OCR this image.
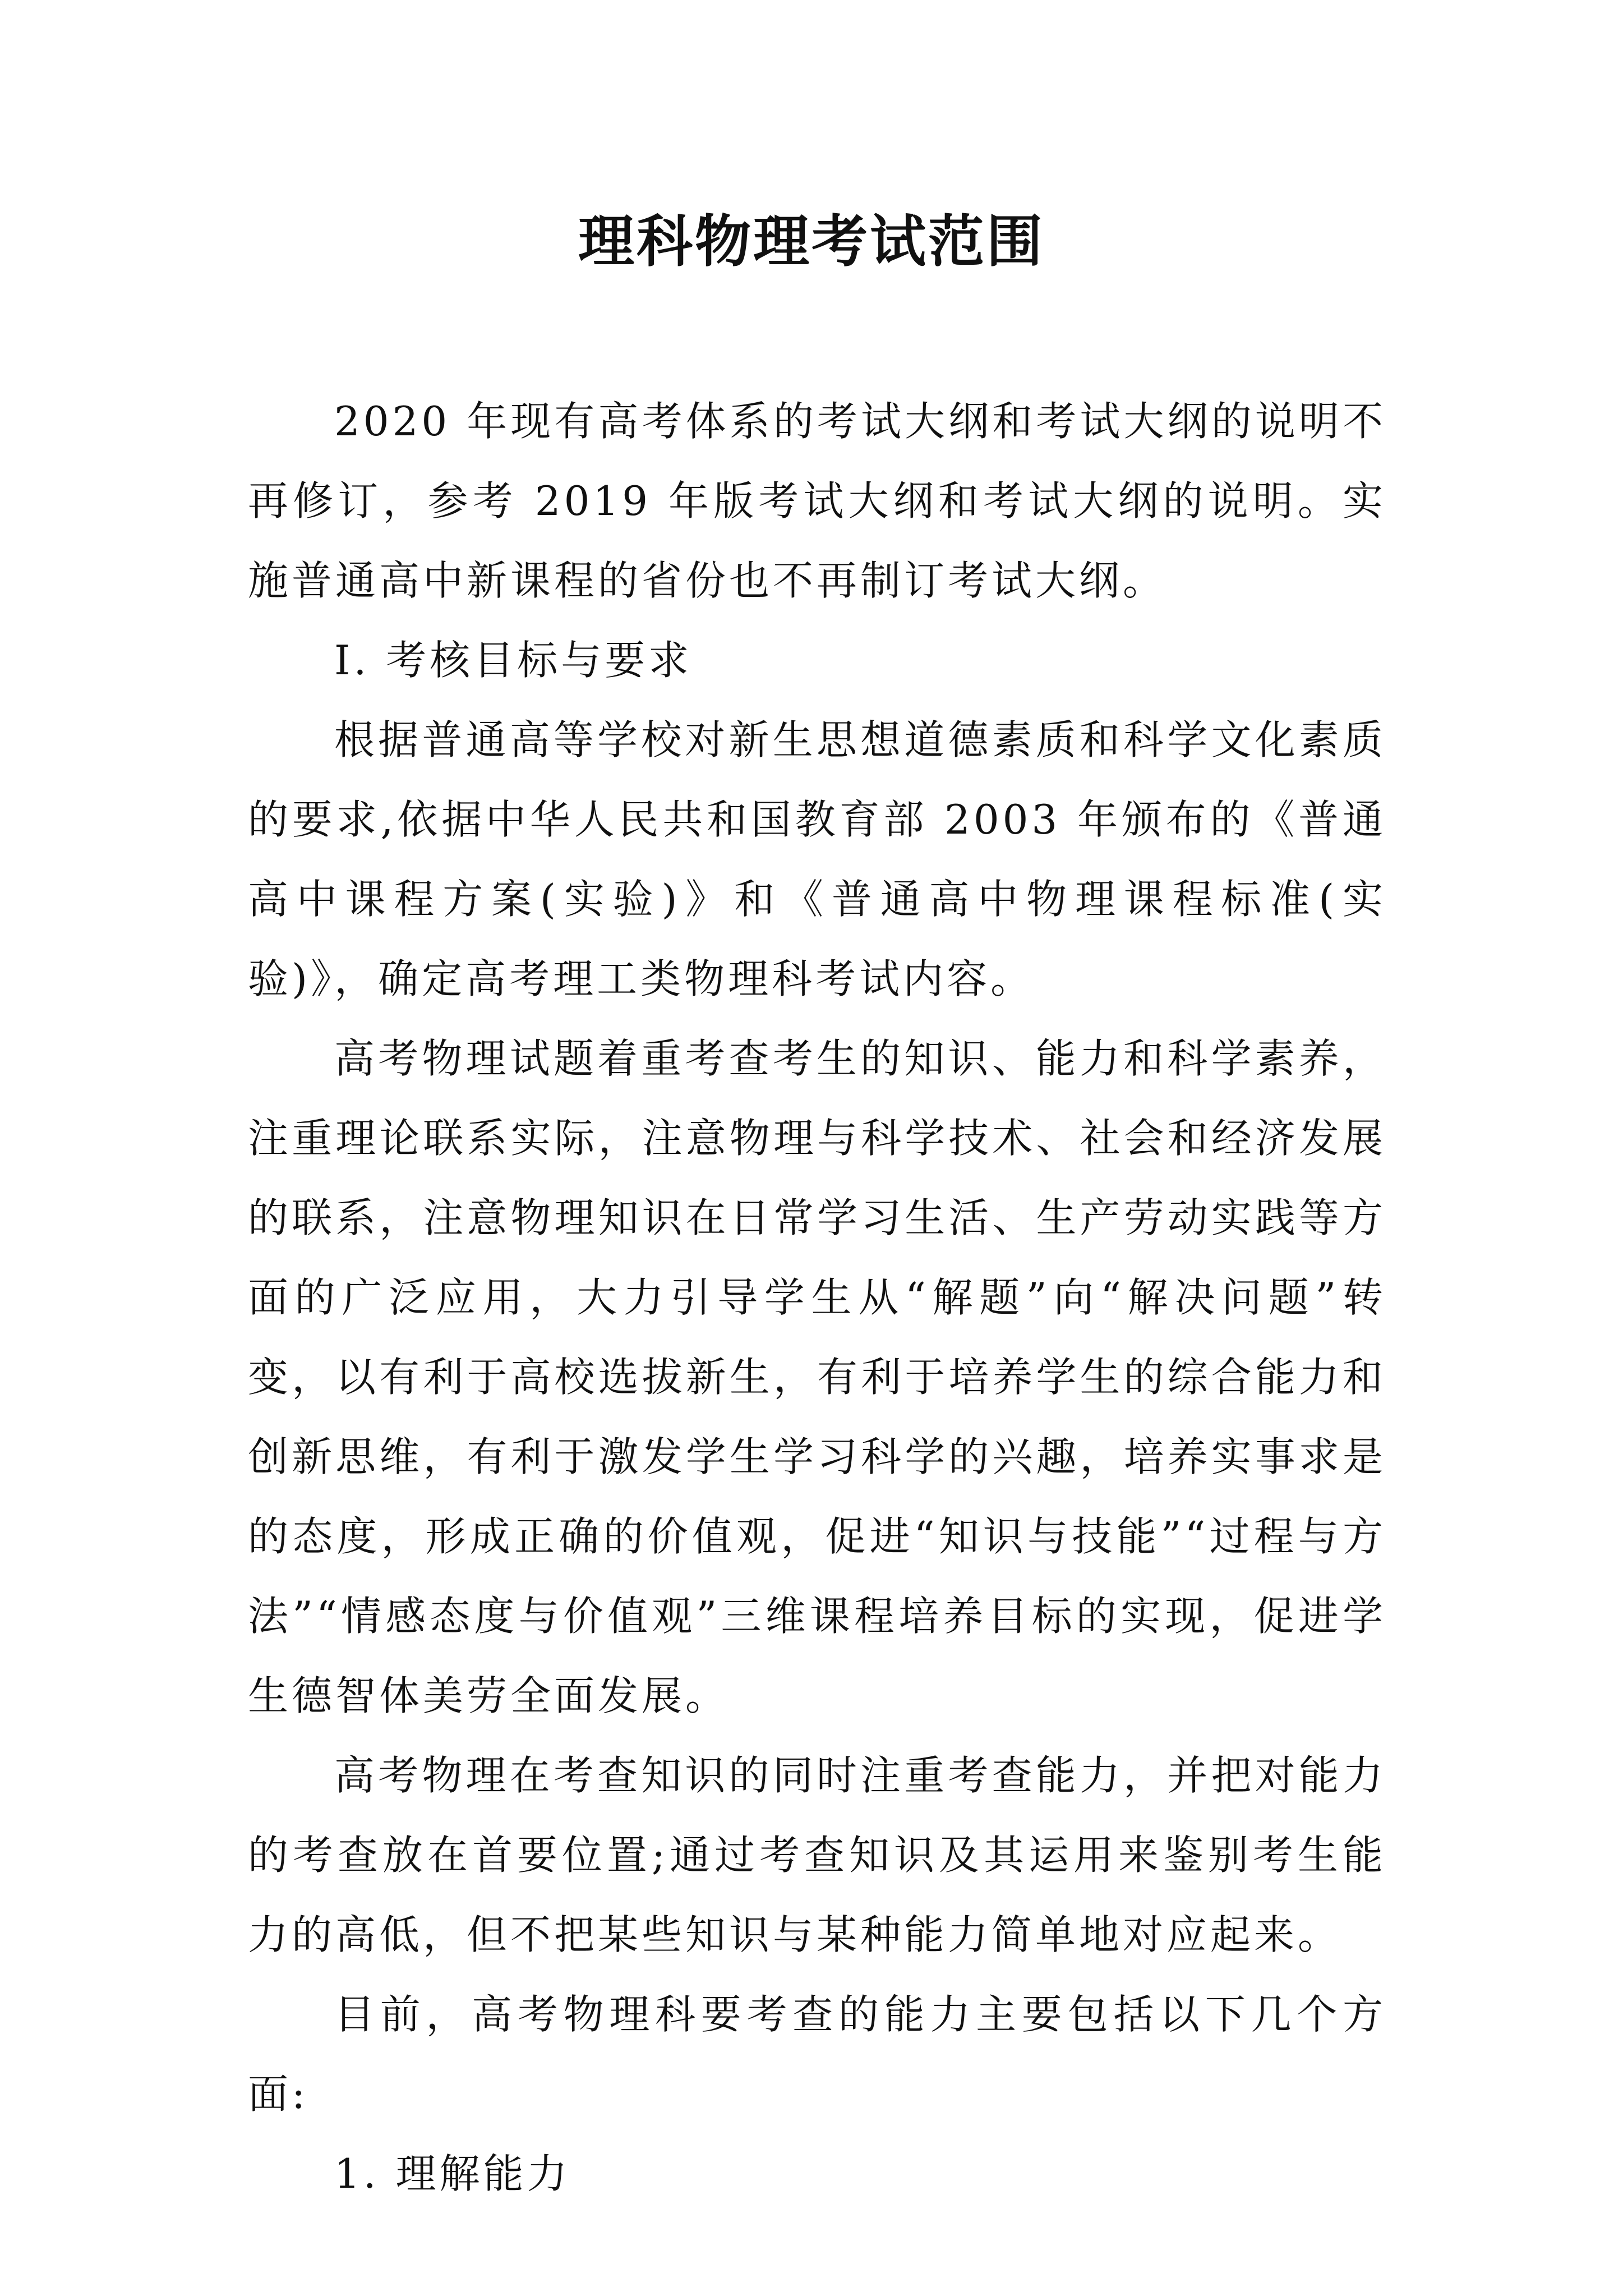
理科物理考试范围

2020 年现有高考体系的考试大纲和考试大纲的说明不再修订，参考 2019 年版考试大纲和考试大纲的说明。实施普通高中新课程的省份也不再制订考试大纲。

Ⅰ. 考核目标与要求

根据普通高等学校对新生思想道德素质和科学文化素质的要求,依据中华人民共和国教育部 2003 年颁布的《普通高中课程方案(实验)》和《普通高中物理课程标准(实验)》，确定高考理工类物理科考试内容。

高考物理试题着重考查考生的知识、能力和科学素养，注重理论联系实际，注意物理与科学技术、社会和经济发展的联系，注意物理知识在日常学习生活、生产劳动实践等方面的广泛应用，大力引导学生从“解题”向“解决问题”转变，以有利于高校选拔新生，有利于培养学生的综合能力和创新思维，有利于激发学生学习科学的兴趣，培养实事求是的态度，形成正确的价值观，促进“知识与技能”“过程与方法”“情感态度与价值观”三维课程培养目标的实现，促进学生德智体美劳全面发展。

高考物理在考查知识的同时注重考查能力，并把对能力的考查放在首要位置;通过考查知识及其运用来鉴别考生能力的高低，但不把某些知识与某种能力简单地对应起来。

目前，高考物理科要考查的能力主要包括以下几个方面:

1. 理解能力
